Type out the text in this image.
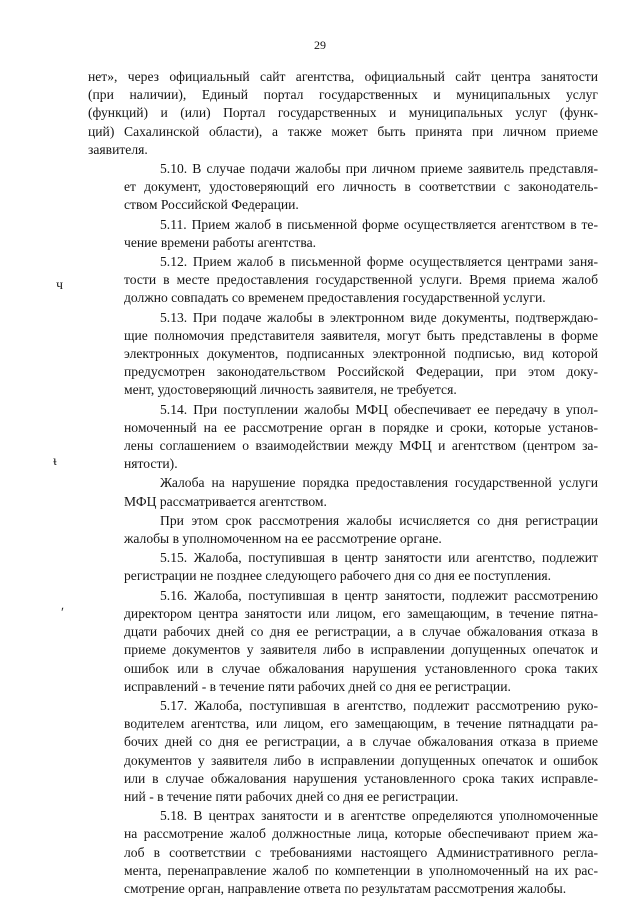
29
ч
ᵼ
ʹ

нет», через официальный сайт агентства, официальный сайт центра занятости
(при наличии), Единый портал государственных и муниципальных услуг
(функций) и (или) Портал государственных и муниципальных услуг (функ-
ций) Сахалинской области), а также может быть принята при личном приеме
заявителя.

5.10. В случае подачи жалобы при личном приеме заявитель представля-
ет документ, удостоверяющий его личность в соответствии с законодатель-
ством Российской Федерации.

5.11. Прием жалоб в письменной форме осуществляется агентством в те-
чение времени работы агентства.

5.12. Прием жалоб в письменной форме осуществляется центрами заня-
тости в месте предоставления государственной услуги. Время приема жалоб
должно совпадать со временем предоставления государственной услуги.

5.13. При подаче жалобы в электронном виде документы, подтверждаю-
щие полномочия представителя заявителя, могут быть представлены в форме
электронных документов, подписанных электронной подписью, вид которой
предусмотрен законодательством Российской Федерации, при этом доку-
мент, удостоверяющий личность заявителя, не требуется.

5.14. При поступлении жалобы МФЦ обеспечивает ее передачу в упол-
номоченный на ее рассмотрение орган в порядке и сроки, которые установ-
лены соглашением о взаимодействии между МФЦ и агентством (центром за-
нятости).

Жалоба на нарушение порядка предоставления государственной услуги
МФЦ рассматривается агентством.

При этом срок рассмотрения жалобы исчисляется со дня регистрации
жалобы в уполномоченном на ее рассмотрение органе.

5.15. Жалоба, поступившая в центр занятости или агентство, подлежит
регистрации не позднее следующего рабочего дня со дня ее поступления.

5.16. Жалоба, поступившая в центр занятости, подлежит рассмотрению
директором центра занятости или лицом, его замещающим, в течение пятна-
дцати рабочих дней со дня ее регистрации, а в случае обжалования отказа в
приеме документов у заявителя либо в исправлении допущенных опечаток и
ошибок или в случае обжалования нарушения установленного срока таких
исправлений - в течение пяти рабочих дней со дня ее регистрации.

5.17. Жалоба, поступившая в агентство, подлежит рассмотрению руко-
водителем агентства, или лицом, его замещающим, в течение пятнадцати ра-
бочих дней со дня ее регистрации, а в случае обжалования отказа в приеме
документов у заявителя либо в исправлении допущенных опечаток и ошибок
или в случае обжалования нарушения установленного срока таких исправле-
ний - в течение пяти рабочих дней со дня ее регистрации.

5.18. В центрах занятости и в агентстве определяются уполномоченные
на рассмотрение жалоб должностные лица, которые обеспечивают прием жа-
лоб в соответствии с требованиями настоящего Административного регла-
мента, перенаправление жалоб по компетенции в уполномоченный на их рас-
смотрение орган, направление ответа по результатам рассмотрения жалобы.
